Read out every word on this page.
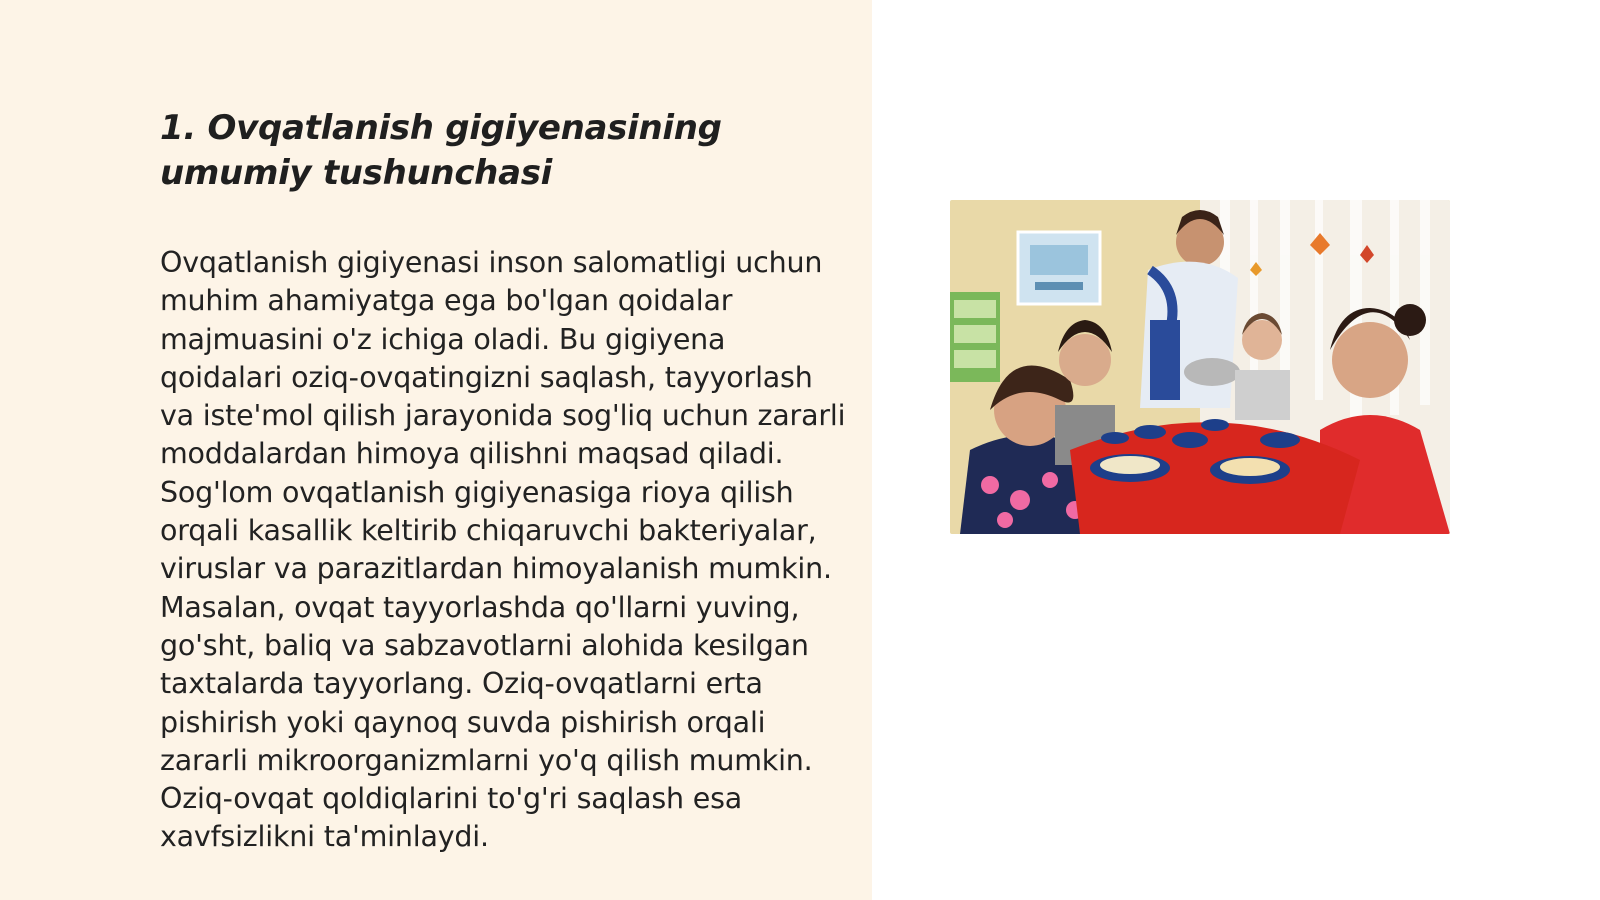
1. Ovqatlanish gigiyenasining umumiy tushunchasi

Ovqatlanish gigiyenasi inson salomatligi uchun muhim ahamiyatga ega bo'lgan qoidalar majmuasini o'z ichiga oladi. Bu gigiyena qoidalari oziq-ovqatingizni saqlash, tayyorlash va iste'mol qilish jarayonida sog'liq uchun zararli moddalardan himoya qilishni maqsad qiladi. Sog'lom ovqatlanish gigiyenasiga rioya qilish orqali kasallik keltirib chiqaruvchi bakteriyalar, viruslar va parazitlardan himoyalanish mumkin. Masalan, ovqat tayyorlashda qo'llarni yuving, go'sht, baliq va sabzavotlarni alohida kesilgan taxtalarda tayyorlang. Oziq-ovqatlarni erta pishirish yoki qaynoq suvda pishirish orqali zararli mikroorganizmlarni yo'q qilish mumkin. Oziq-ovqat qoldiqlarini to'g'ri saqlash esa xavfsizlikni ta'minlaydi.
